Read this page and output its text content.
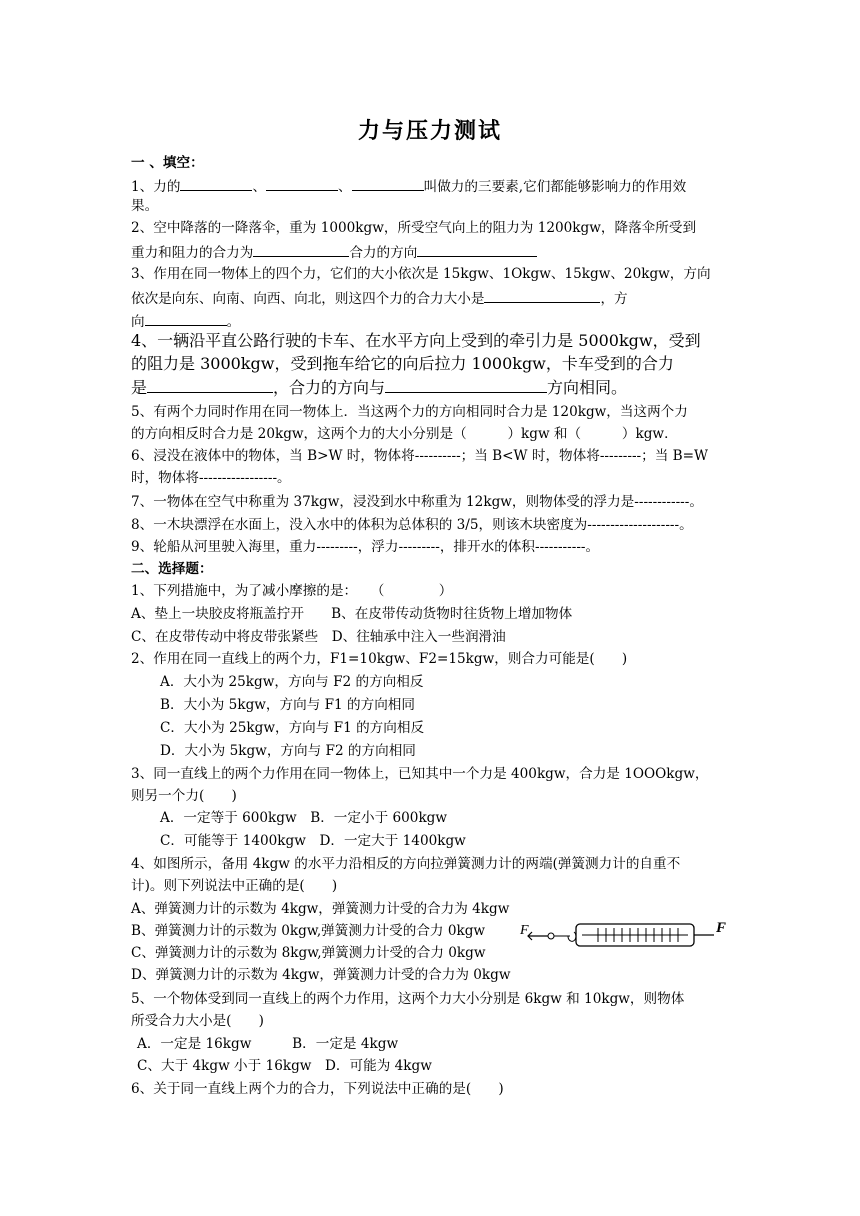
力与压力测试
一 、填空：
1、力的	、	、	叫做力的三要素,它们都能够影响力的作用效
果。
2、空中降落的一降落伞，重为 1000kgw，所受空气向上的阻力为 1200kgw，降落伞所受到
重力和阻力的合力为	合力的方向
3、作用在同一物体上的四个力，它们的大小依次是 15kgw、1Okgw、15kgw、20kgw，方向
依次是向东、向南、向西、向北，则这四个力的合力大小是	，方
向	。
4、一辆沿平直公路行驶的卡车、在水平方向上受到的牵引力是 5000kgw，受到
的阻力是 3000kgw，受到拖车给它的向后拉力 1000kgw，卡车受到的合力
是	，合力的方向与	方向相同。
5、有两个力同时作用在同一物体上．当这两个力的方向相同时合力是 120kgw，当这两个力
的方向相反时合力是 20kgw，这两个力的大小分别是（　　　）kgw 和（　　　）kgw．
6、浸没在液体中的物体，当 B>W 时，物体将----------；当 B<W 时，物体将---------；当 B=W
时，物体将-----------------。
7、一物体在空气中称重为 37kgw，浸没到水中称重为 12kgw，则物体受的浮力是------------。
8、一木块漂浮在水面上，没入水中的体积为总体积的 3/5，则该木块密度为--------------------。
9、轮船从河里驶入海里，重力---------，浮力---------，排开水的体积-----------。
二、选择题：
1、下列措施中，为了减小摩擦的是：　　（　　　　）
A、垫上一块胶皮将瓶盖拧开　　B、在皮带传动货物时往货物上增加物体
C、在皮带传动中将皮带张紧些　D、往轴承中注入一些润滑油
2、作用在同一直线上的两个力，F1=10kgw、F2=15kgw，则合力可能是(　　)
A．大小为 25kgw，方向与 F2 的方向相反
B．大小为 5kgw，方向与 F1 的方向相同
C．大小为 25kgw，方向与 F1 的方向相反
D．大小为 5kgw，方向与 F2 的方向相同
3、同一直线上的两个力作用在同一物体上，已知其中一个力是 400kgw，合力是 1OOOkgw，
则另一个力(　　)
A．一定等于 600kgw　B．一定小于 600kgw
C．可能等于 1400kgw　D．一定大于 1400kgw
4、如图所示，备用 4kgw 的水平力沿相反的方向拉弹簧测力计的两端(弹簧测力计的自重不
计)。则下列说法中正确的是(　　)
A、弹簧测力计的示数为 4kgw，弹簧测力计受的合力为 4kgw
B、弹簧测力计的示数为 0kgw,弹簧测力计受的合力 0kgw
C、弹簧测力计的示数为 8kgw,弹簧测力计受的合力 0kgw
D、弹簧测力计的示数为 4kgw，弹簧测力计受的合力为 0kgw
F	F
5、一个物体受到同一直线上的两个力作用，这两个力大小分别是 6kgw 和 10kgw，则物体
所受合力大小是(　　)
A．一定是 16kgw　　　B．一定是 4kgw
C、大于 4kgw 小于 16kgw　D．可能为 4kgw
6、关于同一直线上两个力的合力，下列说法中正确的是(　　)
